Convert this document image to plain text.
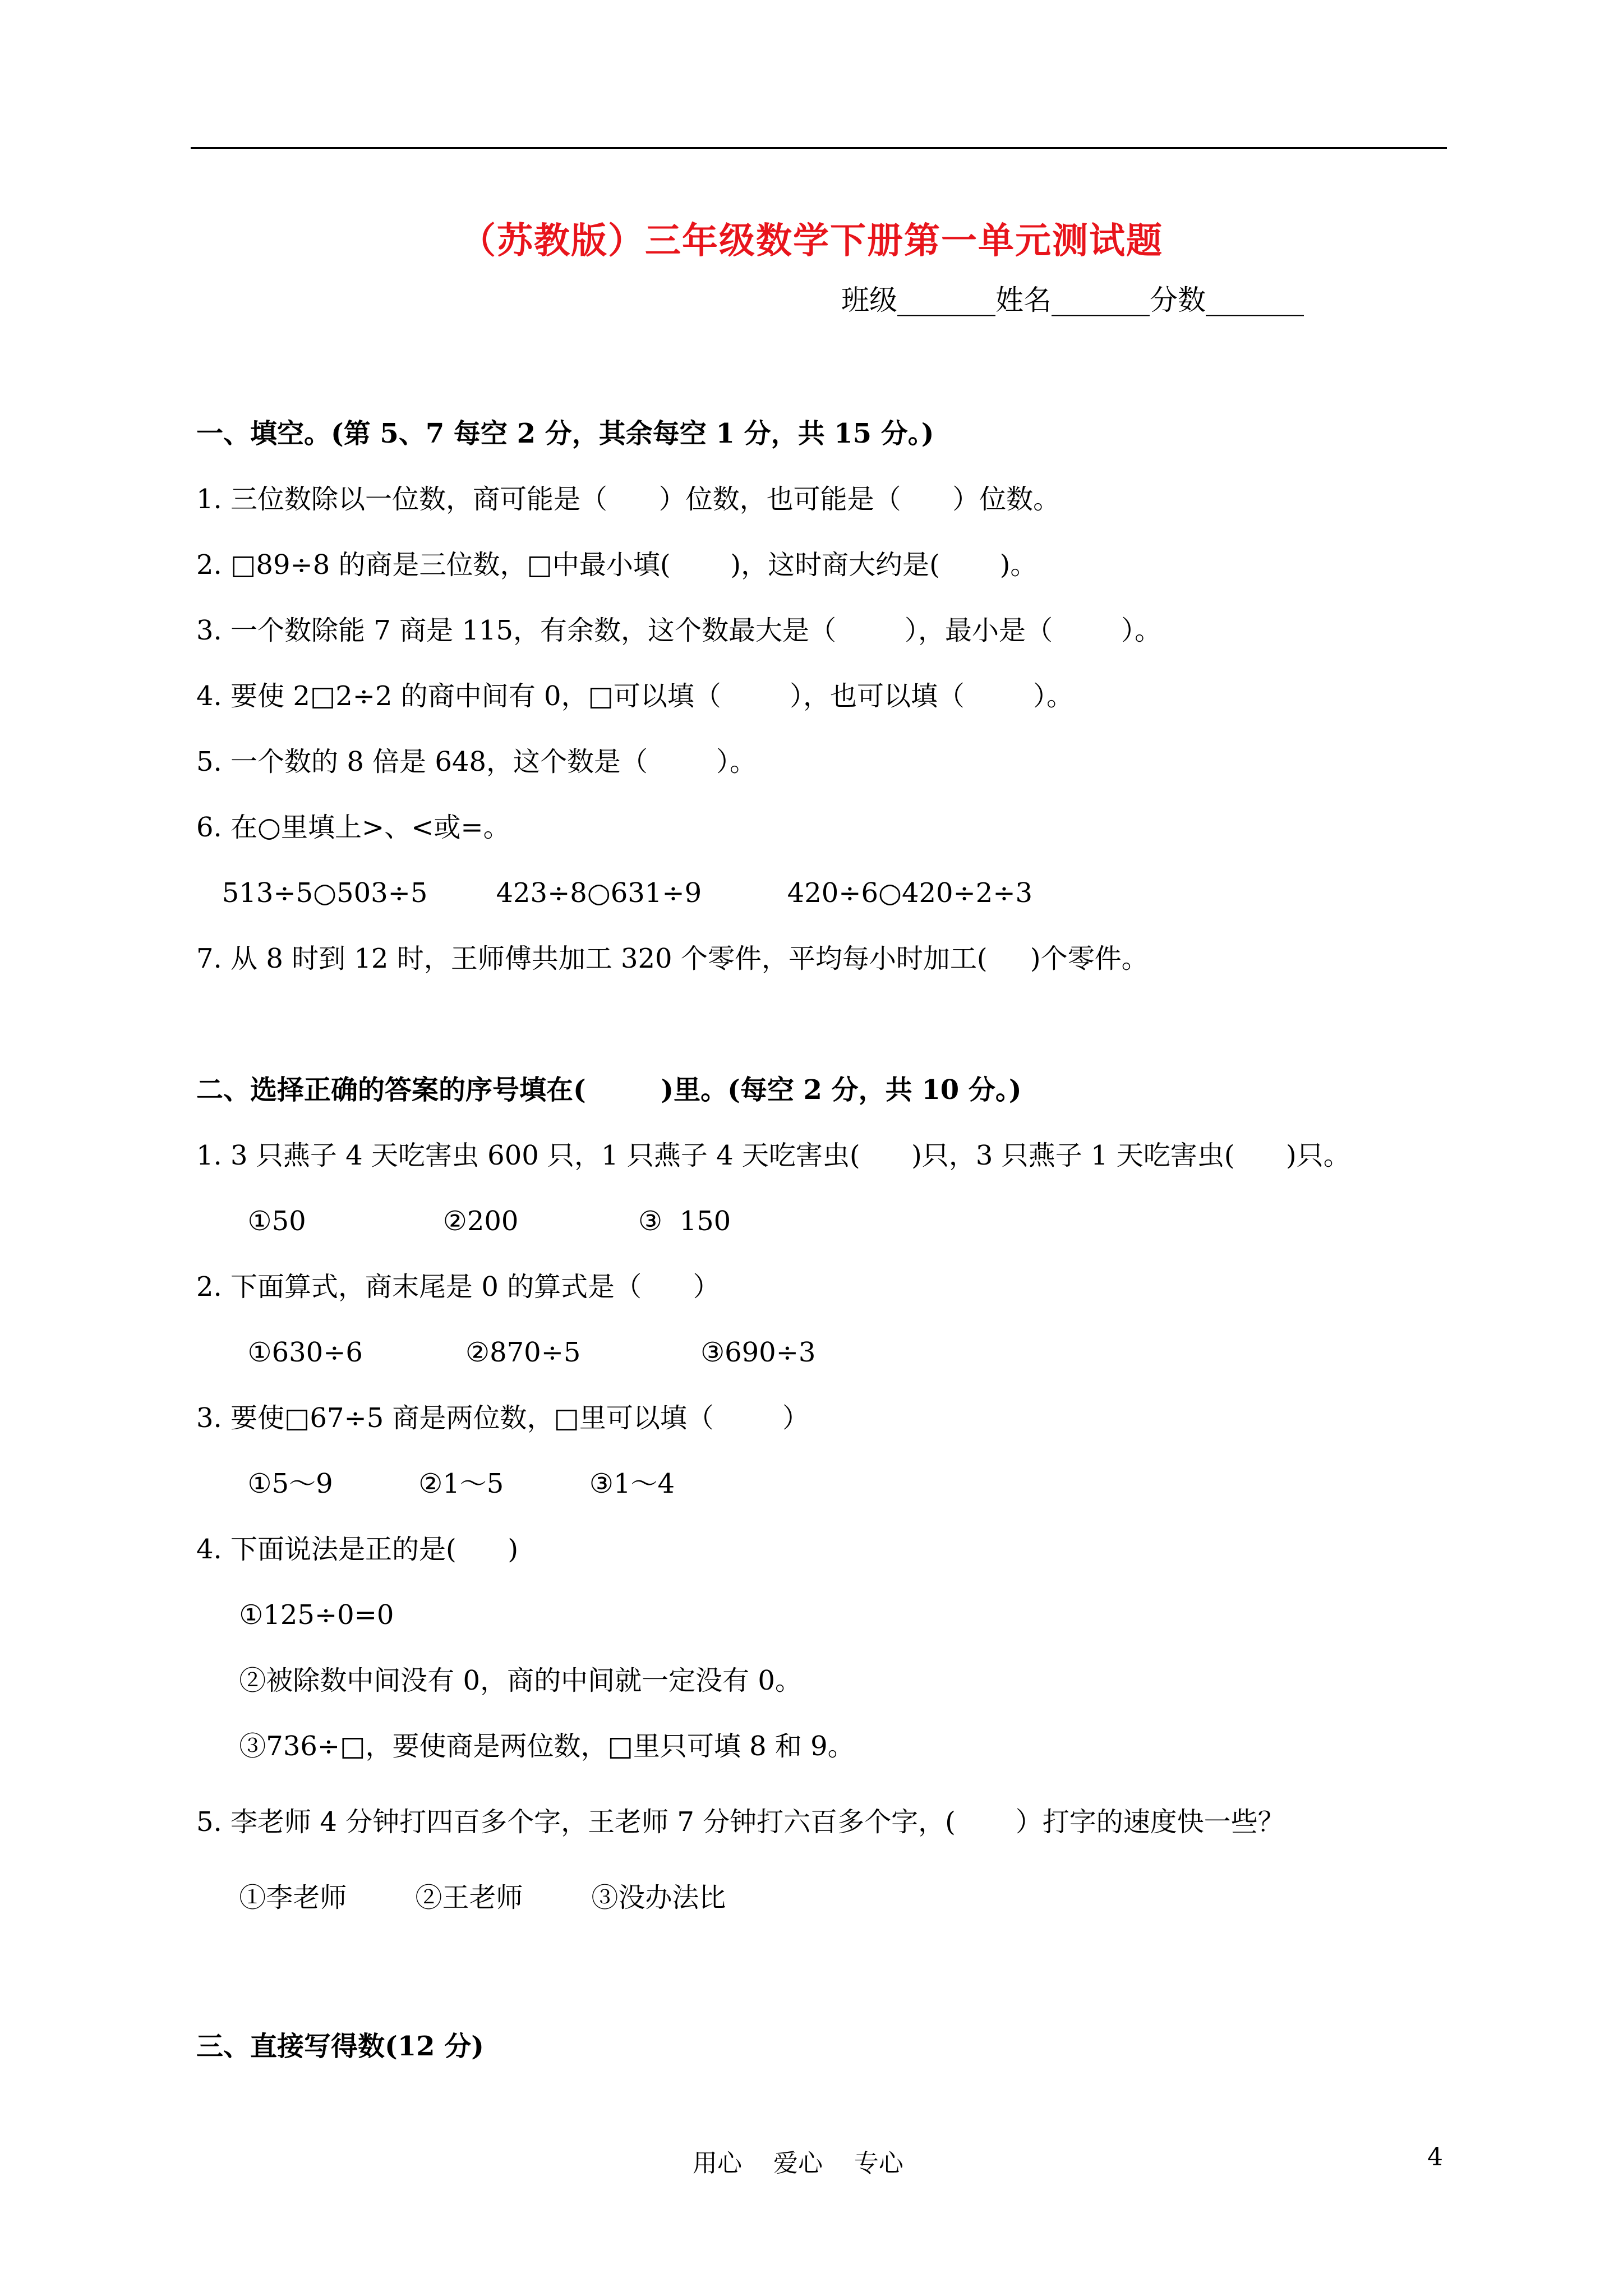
（苏教版）三年级数学下册第一单元测试题
班级_______姓名_______分数_______
一、填空。(第 5、7 每空 2 分，其余每空 1 分，共 15 分。)
1. 三位数除以一位数，商可能是（      ）位数，也可能是（      ）位数。
2. □89÷8 的商是三位数，□中最小填(       )，这时商大约是(       )。
3. 一个数除能 7 商是 115，有余数，这个数最大是（        ），最小是（        ）。
4. 要使 2□2÷2 的商中间有 0，□可以填（        ），也可以填（        ）。
5. 一个数的 8 倍是 648，这个数是（        ）。
6. 在○里填上>、<或=。
513÷5○503÷5        423÷8○631÷9          420÷6○420÷2÷3
7. 从 8 时到 12 时，王师傅共加工 320 个零件，平均每小时加工(     )个零件。
二、选择正确的答案的序号填在(        )里。(每空 2 分，共 10 分。)
1. 3 只燕子 4 天吃害虫 600 只，1 只燕子 4 天吃害虫(      )只，3 只燕子 1 天吃害虫(      )只。
①50                ②200              ③  150
2. 下面算式，商末尾是 0 的算式是（      ）
①630÷6            ②870÷5              ③690÷3
3. 要使□67÷5 商是两位数，□里可以填（        ）
①5～9          ②1～5          ③1～4
4. 下面说法是正的是(      )
①125÷0=0
②被除数中间没有 0，商的中间就一定没有 0。
③736÷□，要使商是两位数，□里只可填 8 和 9。
5. 李老师 4 分钟打四百多个字，王老师 7 分钟打六百多个字，(       ）打字的速度快一些？
①李老师        ②王老师        ③没办法比
三、直接写得数(12 分)
用心    爱心    专心	4
